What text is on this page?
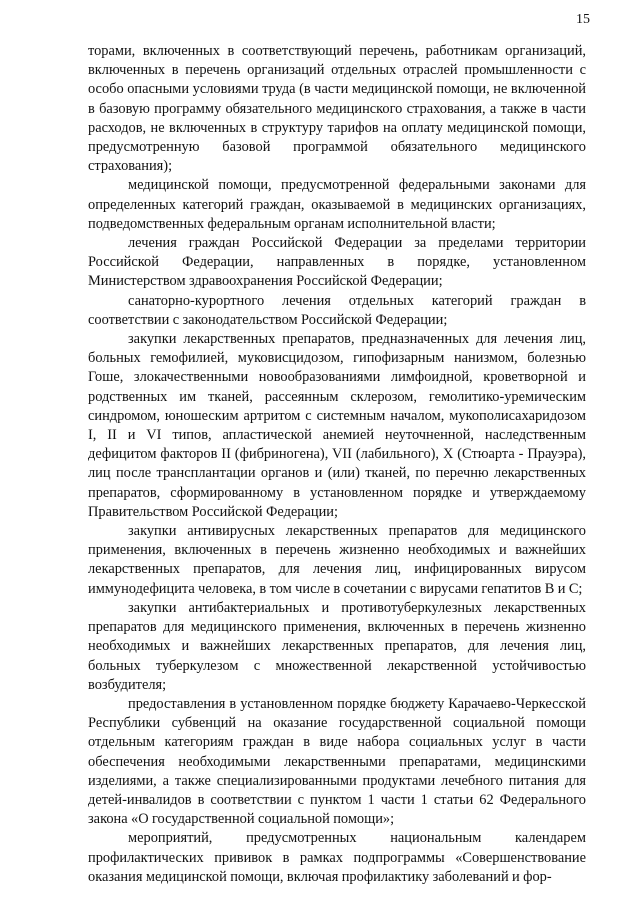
15

торами, включенных в соответствующий перечень, работникам организаций, включенных в перечень организаций отдельных отраслей промышленности с особо опасными условиями труда (в части медицинской помощи, не включенной в базовую программу обязательного медицинского страхования, а также в части расходов, не включенных в структуру тарифов на оплату медицинской помощи, предусмотренную базовой программой обязательного медицинского страхования);

медицинской помощи, предусмотренной федеральными законами для определенных категорий граждан, оказываемой в медицинских организациях, подведомственных федеральным органам исполнительной власти;

лечения граждан Российской Федерации за пределами территории Российской Федерации, направленных в порядке, установленном Министерством здравоохранения Российской Федерации;

санаторно-курортного лечения отдельных категорий граждан в соответствии с законодательством Российской Федерации;

закупки лекарственных препаратов, предназначенных для лечения лиц, больных гемофилией, муковисцидозом, гипофизарным нанизмом, болезнью Гоше, злокачественными новообразованиями лимфоидной, кроветворной и родственных им тканей, рассеянным склерозом, гемолитико-уремическим синдромом, юношеским артритом с системным началом, мукополисахаридозом I, II и VI типов, апластической анемией неуточненной, наследственным дефицитом факторов II (фибриногена), VII (лабильного), X (Стюарта - Прауэра), лиц после трансплантации органов и (или) тканей, по перечню лекарственных препаратов, сформированному в установленном порядке и утверждаемому Правительством Российской Федерации;

закупки антивирусных лекарственных препаратов для медицинского применения, включенных в перечень жизненно необходимых и важнейших лекарственных препаратов, для лечения лиц, инфицированных вирусом иммунодефицита человека, в том числе в сочетании с вирусами гепатитов В и С;

закупки антибактериальных и противотуберкулезных лекарственных препаратов для медицинского применения, включенных в перечень жизненно необходимых и важнейших лекарственных препаратов, для лечения лиц, больных туберкулезом с множественной лекарственной устойчивостью возбудителя;

предоставления в установленном порядке бюджету Карачаево-Черкесской Республики субвенций на оказание государственной социальной помощи отдельным категориям граждан в виде набора социальных услуг в части обеспечения необходимыми лекарственными препаратами, медицинскими изделиями, а также специализированными продуктами лечебного питания для детей-инвалидов в соответствии с пунктом 1 части 1 статьи 62 Федерального закона «О государственной социальной помощи»;

мероприятий, предусмотренных национальным календарем профилактических прививок в рамках подпрограммы «Совершенствование оказания медицинской помощи, включая профилактику заболеваний и фор-
